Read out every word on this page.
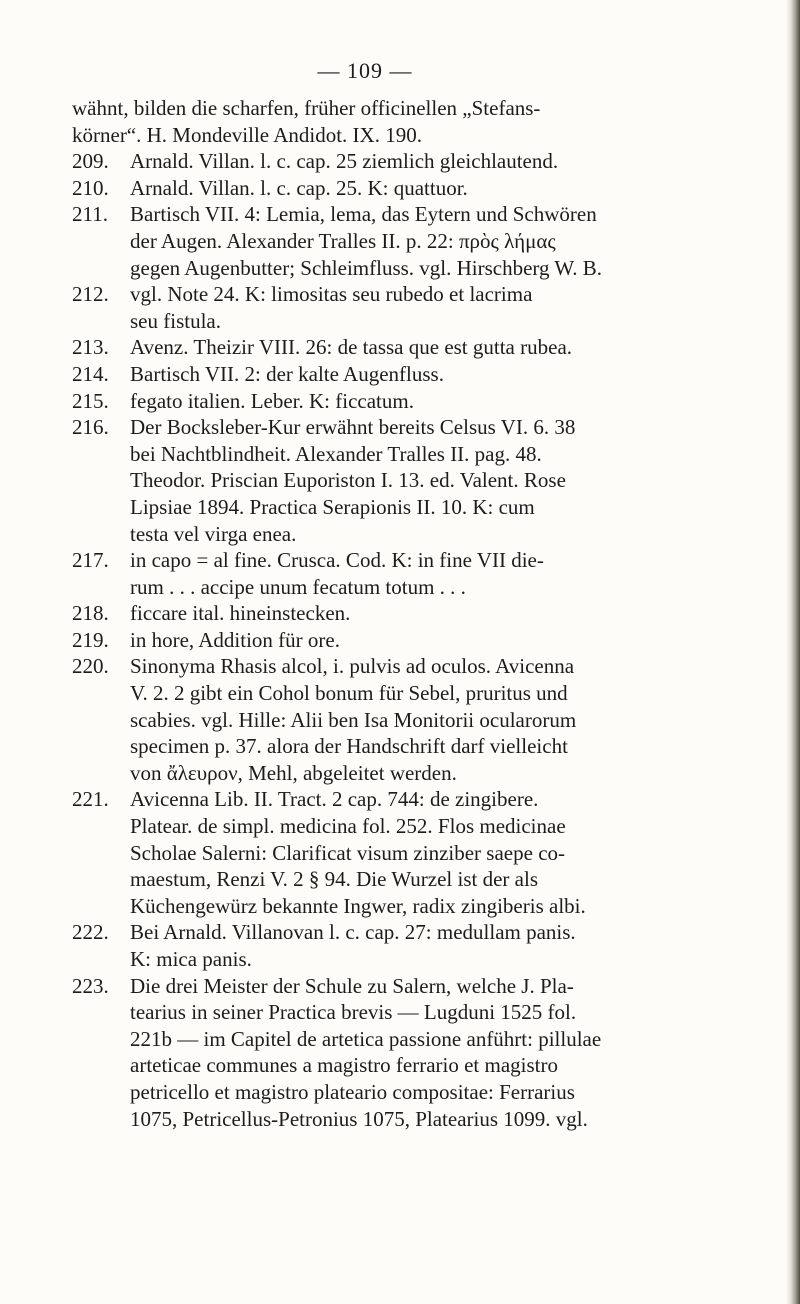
— 109 —
wähnt, bilden die scharfen, früher officinellen „Stefans-
körner“. H. Mondeville Andidot. IX. 190.
209. Arnald. Villan. l. c. cap. 25 ziemlich gleichlautend.
210. Arnald. Villan. l. c. cap. 25. K: quattuor.
211. Bartisch VII. 4: Lemia, lema, das Eytern und Schwören
der Augen. Alexander Tralles II. p. 22: πρὸς λήμας
gegen Augenbutter; Schleimfluss. vgl. Hirschberg W. B.
212. vgl. Note 24. K: limositas seu rubedo et lacrima
seu fistula.
213. Avenz. Theizir VIII. 26: de tassa que est gutta rubea.
214. Bartisch VII. 2: der kalte Augenfluss.
215. fegato italien. Leber. K: ficcatum.
216. Der Bocksleber-Kur erwähnt bereits Celsus VI. 6. 38
bei Nachtblindheit. Alexander Tralles II. pag. 48.
Theodor. Priscian Euporiston I. 13. ed. Valent. Rose
Lipsiae 1894. Practica Serapionis II. 10. K: cum
testa vel virga enea.
217. in capo = al fine. Crusca. Cod. K: in fine VII die-
rum . . . accipe unum fecatum totum . . .
218. ficcare ital. hineinstecken.
219. in hore, Addition für ore.
220. Sinonyma Rhasis alcol, i. pulvis ad oculos. Avicenna
V. 2. 2 gibt ein Cohol bonum für Sebel, pruritus und
scabies. vgl. Hille: Alii ben Isa Monitorii ocularorum
specimen p. 37. alora der Handschrift darf vielleicht
von ἄλευρον, Mehl, abgeleitet werden.
221. Avicenna Lib. II. Tract. 2 cap. 744: de zingibere.
Platear. de simpl. medicina fol. 252. Flos medicinae
Scholae Salerni: Clarificat visum zinziber saepe co-
maestum, Renzi V. 2 § 94. Die Wurzel ist der als
Küchengewürz bekannte Ingwer, radix zingiberis albi.
222. Bei Arnald. Villanovan l. c. cap. 27: medullam panis.
K: mica panis.
223. Die drei Meister der Schule zu Salern, welche J. Pla-
tearius in seiner Practica brevis — Lugduni 1525 fol.
221b — im Capitel de artetica passione anführt: pillulae
arteticae communes a magistro ferrario et magistro
petricello et magistro plateario compositae: Ferrarius
1075, Petricellus-Petronius 1075, Platearius 1099. vgl.
